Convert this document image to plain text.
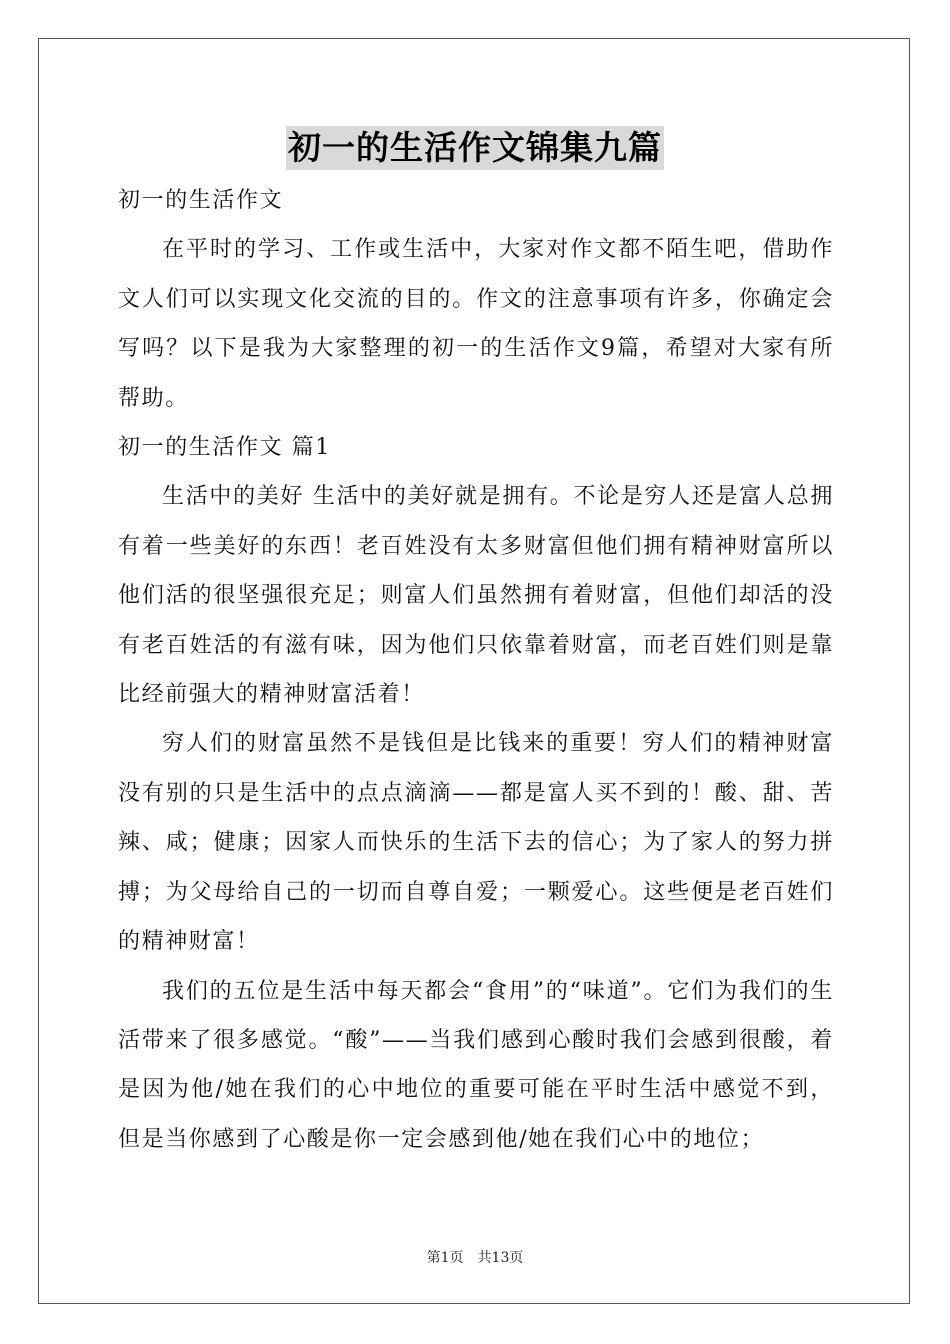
初一的生活作文锦集九篇

初一的生活作文

在平时的学习、工作或生活中，大家对作文都不陌生吧，借助作文人们可以实现文化交流的目的。作文的注意事项有许多，你确定会写吗？以下是我为大家整理的初一的生活作文9篇，希望对大家有所帮助。

初一的生活作文 篇1

生活中的美好 生活中的美好就是拥有。不论是穷人还是富人总拥有着一些美好的东西！老百姓没有太多财富但他们拥有精神财富所以他们活的很坚强很充足；则富人们虽然拥有着财富，但他们却活的没有老百姓活的有滋有味，因为他们只依靠着财富，而老百姓们则是靠比经前强大的精神财富活着！

穷人们的财富虽然不是钱但是比钱来的重要！穷人们的精神财富没有别的只是生活中的点点滴滴——都是富人买不到的！酸、甜、苦辣、咸；健康；因家人而快乐的生活下去的信心；为了家人的努力拼搏；为父母给自己的一切而自尊自爱；一颗爱心。这些便是老百姓们的精神财富！

我们的五位是生活中每天都会“食用”的“味道”。它们为我们的生活带来了很多感觉。“酸”——当我们感到心酸时我们会感到很酸，着是因为他/她在我们的心中地位的重要可能在平时生活中感觉不到，但是当你感到了心酸是你一定会感到他/她在我们心中的地位；

第1页　共13页
